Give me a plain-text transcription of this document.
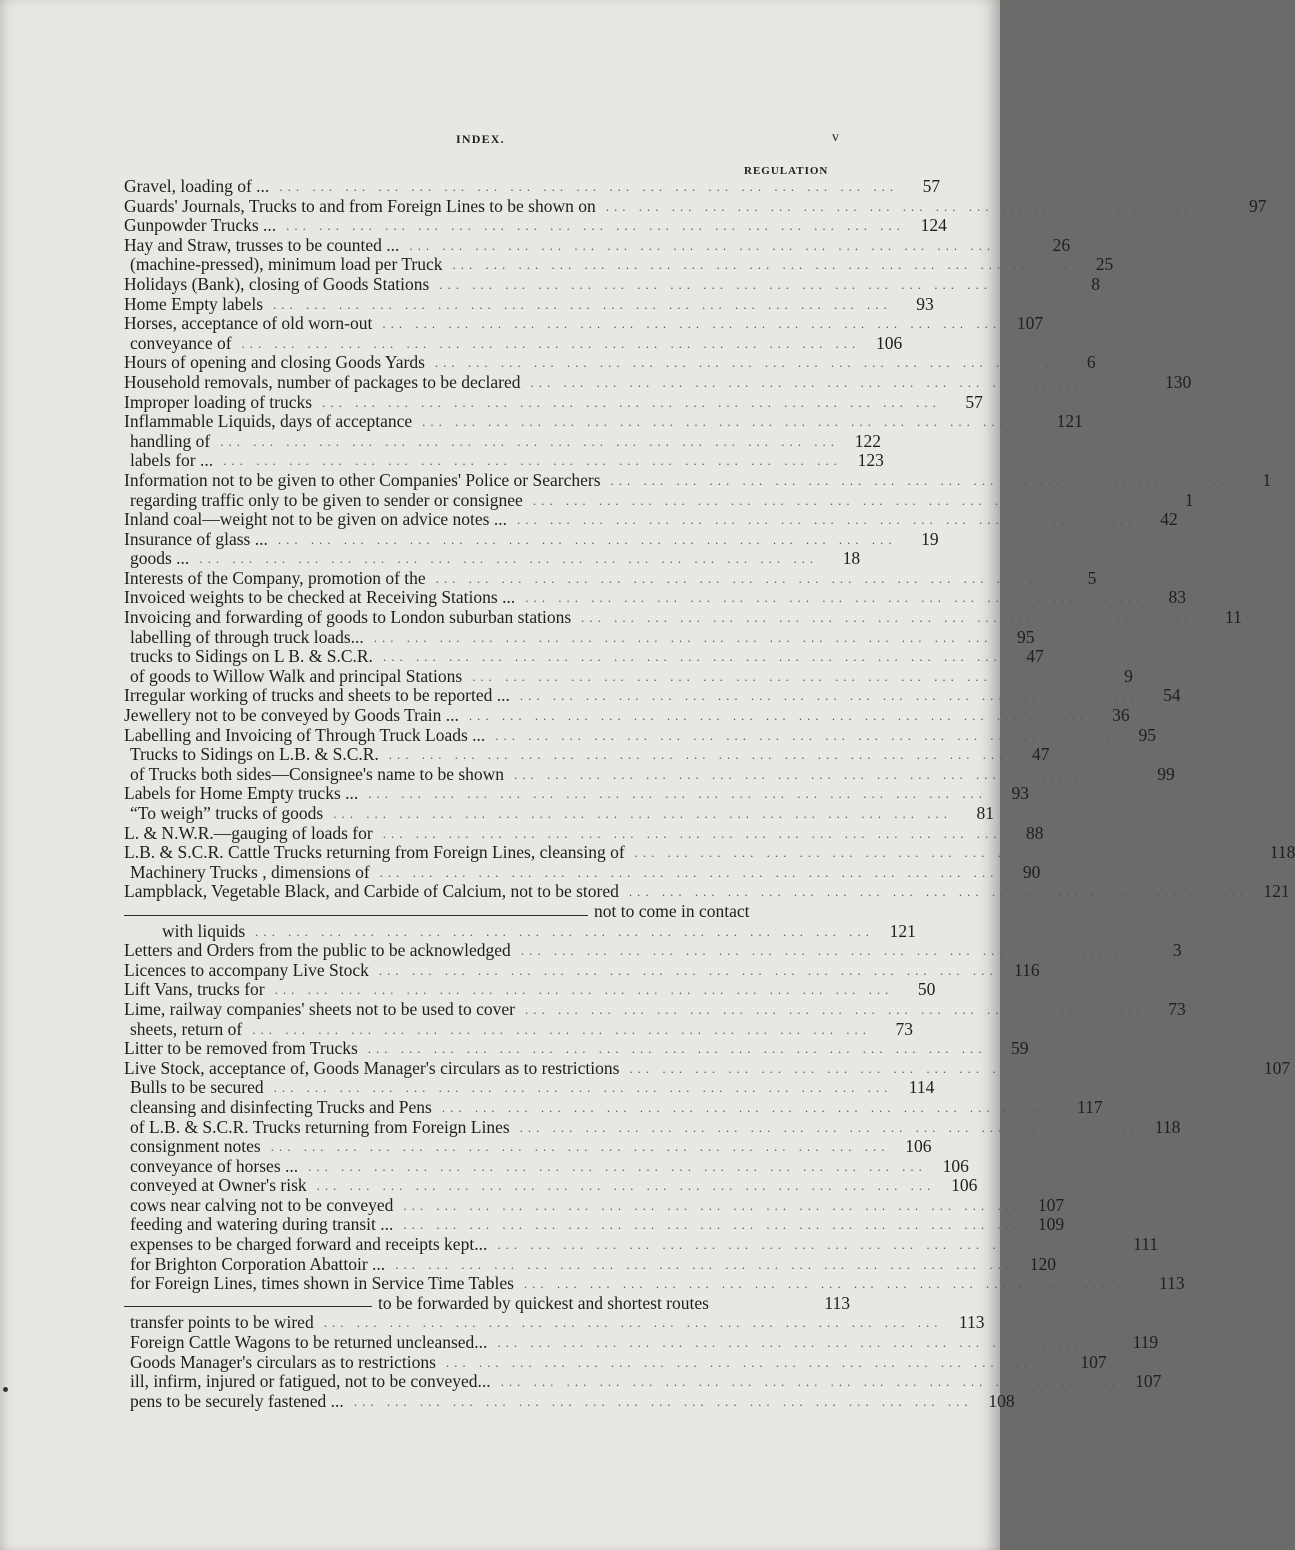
INDEX.	v
REGULATION
Gravel, loading of ... ... ... ... ... ... ... ... ... ... ... ... ... ... ... ... ... ... ... ...	57
Guards' Journals, Trucks to and from Foreign Lines to be shown on ... ... ... ... ... ... ... ... ... ... ... ... ... ... ... ... ... ... ...	97
Gunpowder Trucks ... ... ... ... ... ... ... ... ... ... ... ... ... ... ... ... ... ... ... ... 124
Hay and Straw, trusses to be counted ... ... ... ... ... ... ... ... ... ... ... ... ... ... ... ... ... ... ... ...	26
(machine-pressed), minimum load per Truck ... ... ... ... ... ... ... ... ... ... ... ... ... ... ... ... ... ... ...	25
Holidays (Bank), closing of Goods Stations ... ... ... ... ... ... ... ... ... ... ... ... ... ... ... ... ... ... ...	8
Home Empty labels ... ... ... ... ... ... ... ... ... ... ... ... ... ... ... ... ... ... ...	93
Horses, acceptance of old worn-out ... ... ... ... ... ... ... ... ... ... ... ... ... ... ... ... ... ... ... 107
conveyance of ... ... ... ... ... ... ... ... ... ... ... ... ... ... ... ... ... ... ... 106
Hours of opening and closing Goods Yards ... ... ... ... ... ... ... ... ... ... ... ... ... ... ... ... ... ... ...	6
Household removals, number of packages to be declared ... ... ... ... ... ... ... ... ... ... ... ... ... ... ... ... ... ... ... 130
Improper loading of trucks ... ... ... ... ... ... ... ... ... ... ... ... ... ... ... ... ... ... ...	57
Inflammable Liquids, days of acceptance ... ... ... ... ... ... ... ... ... ... ... ... ... ... ... ... ... ... ... 121
handling of ... ... ... ... ... ... ... ... ... ... ... ... ... ... ... ... ... ... ... 122
labels for ... ... ... ... ... ... ... ... ... ... ... ... ... ... ... ... ... ... ... ... 123
Information not to be given to other Companies' Police or Searchers ... ... ... ... ... ... ... ... ... ... ... ... ... ... ... ... ... ... ...	1
regarding traffic only to be given to sender or consignee ... ... ... ... ... ... ... ... ... ... ... ... ... ... ... ... ... ... ...	1
Inland coal—weight not to be given on advice notes ... ... ... ... ... ... ... ... ... ... ... ... ... ... ... ... ... ... ... ...	42
Insurance of glass ... ... ... ... ... ... ... ... ... ... ... ... ... ... ... ... ... ... ... ...	19
goods ... ... ... ... ... ... ... ... ... ... ... ... ... ... ... ... ... ... ... ...	18
Interests of the Company, promotion of the ... ... ... ... ... ... ... ... ... ... ... ... ... ... ... ... ... ... ...	5
Invoiced weights to be checked at Receiving Stations ... ... ... ... ... ... ... ... ... ... ... ... ... ... ... ... ... ... ... ...	83
Invoicing and forwarding of goods to London suburban stations ... ... ... ... ... ... ... ... ... ... ... ... ... ... ... ... ... ... ...	11
labelling of through truck loads... ... ... ... ... ... ... ... ... ... ... ... ... ... ... ... ... ... ... ...	95
trucks to Sidings on L B. & S.C.R. ... ... ... ... ... ... ... ... ... ... ... ... ... ... ... ... ... ... ...	47
of goods to Willow Walk and principal Stations ... ... ... ... ... ... ... ... ... ... ... ... ... ... ... ... ... ... ...	9
Irregular working of trucks and sheets to be reported ... ... ... ... ... ... ... ... ... ... ... ... ... ... ... ... ... ... ... ...	54
Jewellery not to be conveyed by Goods Train ... ... ... ... ... ... ... ... ... ... ... ... ... ... ... ... ... ... ... ...	36
Labelling and Invoicing of Through Truck Loads ... ... ... ... ... ... ... ... ... ... ... ... ... ... ... ... ... ... ... ...	95
Trucks to Sidings on L.B. & S.C.R. ... ... ... ... ... ... ... ... ... ... ... ... ... ... ... ... ... ... ...	47
of Trucks both sides—Consignee's name to be shown ... ... ... ... ... ... ... ... ... ... ... ... ... ... ... ... ... ... ...	99
Labels for Home Empty trucks ... ... ... ... ... ... ... ... ... ... ... ... ... ... ... ... ... ... ... ...	93
“To weigh” trucks of goods ... ... ... ... ... ... ... ... ... ... ... ... ... ... ... ... ... ... ...	81
L. & N.W.R.—gauging of loads for ... ... ... ... ... ... ... ... ... ... ... ... ... ... ... ... ... ... ...	88
L.B. & S.C.R. Cattle Trucks returning from Foreign Lines, cleansing of ... ... ... ... ... ... ... ... ... ... ... ... ... ... ... ... ... ... ... 118
Machinery Trucks , dimensions of ... ... ... ... ... ... ... ... ... ... ... ... ... ... ... ... ... ... ...	90
Lampblack, Vegetable Black, and Carbide of Calcium, not to be stored ... ... ... ... ... ... ... ... ... ... ... ... ... ... ... ... ... ... ... 121
not to come in contact
with liquids ... ... ... ... ... ... ... ... ... ... ... ... ... ... ... ... ... ... ... 121
Letters and Orders from the public to be acknowledged ... ... ... ... ... ... ... ... ... ... ... ... ... ... ... ... ... ... ...	3
Licences to accompany Live Stock ... ... ... ... ... ... ... ... ... ... ... ... ... ... ... ... ... ... ... 116
Lift Vans, trucks for ... ... ... ... ... ... ... ... ... ... ... ... ... ... ... ... ... ... ...	50
Lime, railway companies' sheets not to be used to cover ... ... ... ... ... ... ... ... ... ... ... ... ... ... ... ... ... ... ...	73
sheets, return of ... ... ... ... ... ... ... ... ... ... ... ... ... ... ... ... ... ... ...	73
Litter to be removed from Trucks ... ... ... ... ... ... ... ... ... ... ... ... ... ... ... ... ... ... ...	59
Live Stock, acceptance of, Goods Manager's circulars as to restrictions ... ... ... ... ... ... ... ... ... ... ... ... ... ... ... ... ... ... ... 107
Bulls to be secured ... ... ... ... ... ... ... ... ... ... ... ... ... ... ... ... ... ... ... 114
cleansing and disinfecting Trucks and Pens ... ... ... ... ... ... ... ... ... ... ... ... ... ... ... ... ... ... ... 117
of L.B. & S.C.R. Trucks returning from Foreign Lines ... ... ... ... ... ... ... ... ... ... ... ... ... ... ... ... ... ... ... 118
consignment notes ... ... ... ... ... ... ... ... ... ... ... ... ... ... ... ... ... ... ... 106
conveyance of horses ... ... ... ... ... ... ... ... ... ... ... ... ... ... ... ... ... ... ... ... 106
conveyed at Owner's risk ... ... ... ... ... ... ... ... ... ... ... ... ... ... ... ... ... ... ... 106
cows near calving not to be conveyed ... ... ... ... ... ... ... ... ... ... ... ... ... ... ... ... ... ... ... 107
feeding and watering during transit ... ... ... ... ... ... ... ... ... ... ... ... ... ... ... ... ... ... ... ... 109
expenses to be charged forward and receipts kept... ... ... ... ... ... ... ... ... ... ... ... ... ... ... ... ... ... ... ... 111
for Brighton Corporation Abattoir ... ... ... ... ... ... ... ... ... ... ... ... ... ... ... ... ... ... ... ... 120
for Foreign Lines, times shown in Service Time Tables ... ... ... ... ... ... ... ... ... ... ... ... ... ... ... ... ... ... ... 113
to be forwarded by quickest and shortest routes	113
transfer points to be wired ... ... ... ... ... ... ... ... ... ... ... ... ... ... ... ... ... ... ... 113
Foreign Cattle Wagons to be returned uncleansed... ... ... ... ... ... ... ... ... ... ... ... ... ... ... ... ... ... ... ... 119
Goods Manager's circulars as to restrictions ... ... ... ... ... ... ... ... ... ... ... ... ... ... ... ... ... ... ... 107
ill, infirm, injured or fatigued, not to be conveyed... ... ... ... ... ... ... ... ... ... ... ... ... ... ... ... ... ... ... ... 107
pens to be securely fastened ... ... ... ... ... ... ... ... ... ... ... ... ... ... ... ... ... ... ... ... 108
